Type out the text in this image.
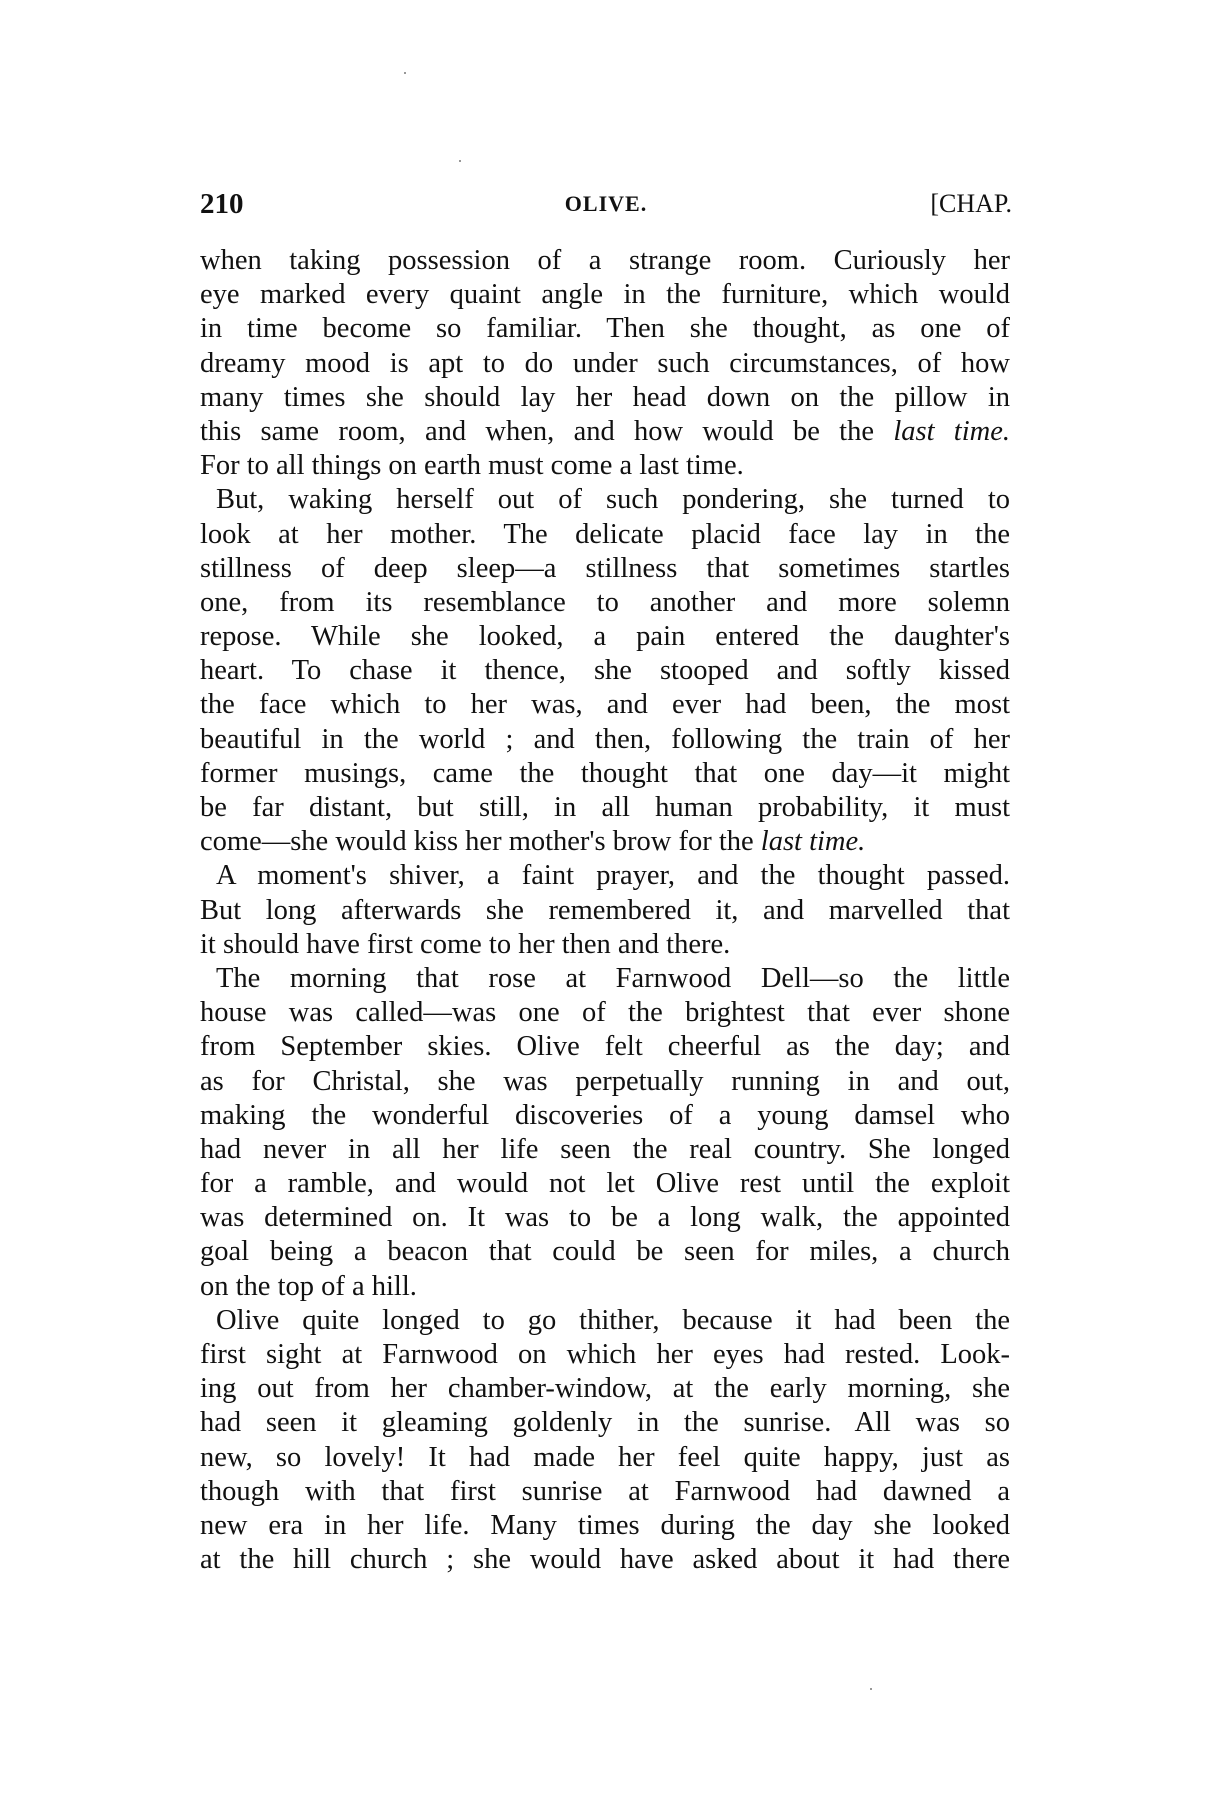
210	OLIVE.	[CHAP.
when taking possession of a strange room. Curiously her
eye marked every quaint angle in the furniture, which would
in time become so familiar. Then she thought, as one of
dreamy mood is apt to do under such circumstances, of how
many times she should lay her head down on the pillow in
this same room, and when, and how would be the last time.
For to all things on earth must come a last time.
But, waking herself out of such pondering, she turned to
look at her mother. The delicate placid face lay in the
stillness of deep sleep—a stillness that sometimes startles
one, from its resemblance to another and more solemn
repose. While she looked, a pain entered the daughter's
heart. To chase it thence, she stooped and softly kissed
the face which to her was, and ever had been, the most
beautiful in the world ; and then, following the train of her
former musings, came the thought that one day—it might
be far distant, but still, in all human probability, it must
come—she would kiss her mother's brow for the last time.
A moment's shiver, a faint prayer, and the thought passed.
But long afterwards she remembered it, and marvelled that
it should have first come to her then and there.
The morning that rose at Farnwood Dell—so the little
house was called—was one of the brightest that ever shone
from September skies. Olive felt cheerful as the day; and
as for Christal, she was perpetually running in and out,
making the wonderful discoveries of a young damsel who
had never in all her life seen the real country. She longed
for a ramble, and would not let Olive rest until the exploit
was determined on. It was to be a long walk, the appointed
goal being a beacon that could be seen for miles, a church
on the top of a hill.
Olive quite longed to go thither, because it had been the
first sight at Farnwood on which her eyes had rested. Look-
ing out from her chamber-window, at the early morning, she
had seen it gleaming goldenly in the sunrise. All was so
new, so lovely! It had made her feel quite happy, just as
though with that first sunrise at Farnwood had dawned a
new era in her life. Many times during the day she looked
at the hill church ; she would have asked about it had there
